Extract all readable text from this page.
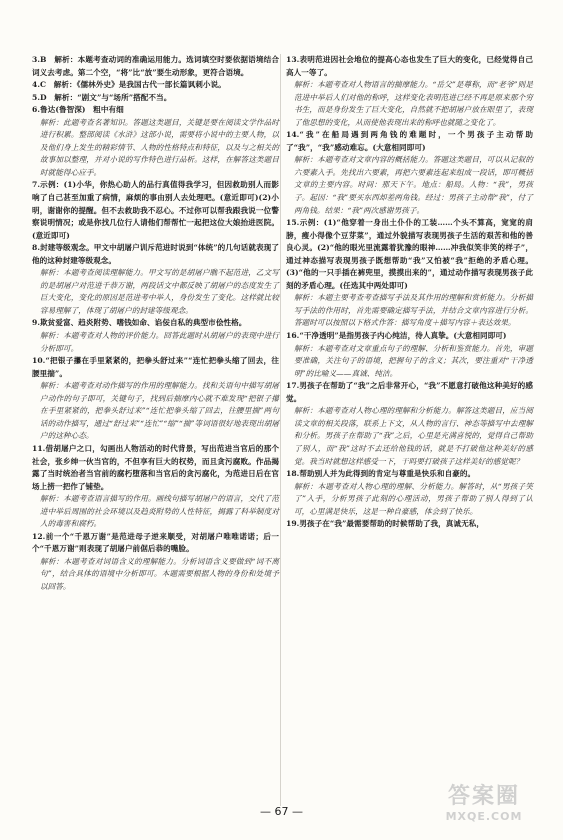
3.B　解析：本题考查动词的准确运用能力。选词填空时要依据语境结合词义去考虑。第二个空，“将”比“放”要生动形象，更符合语境。

4.C　解析：《儒林外史》是我国古代一部长篇讽刺小说。

5.D　解析：“剧文”与“场所”搭配不当。

6.鲁达(鲁智深)　粗中有细

解析：此题考查名著知识。答题这类题目，关键是要在阅读文学作品时进行积累。整部阅读《水浒》这部小说，需要将小说中的主要人物，以及他们身上发生的精彩情节、人物的性格特点和特征，以及与之相关的故事加以整理，并对小说的写作特色进行品析。这样，在解答这类题目时就能得心应手。

7.示例：(1)小华，你热心助人的品行真值得我学习，但因救助别人而影响了自己甚至加重了病情，麻烦的事由别人去处理吧。(意近即可)(2)小明，谢谢你的提醒。但不去救助我不忍心。不过你可以帮我跟我说一位警察说明情况；或是你找几位行人请他们帮帮忙一起把这位大娘抬进医院。(意近即可)

8.封建等级观念。甲文中胡屠户训斥范进时说到“体统”的几句话就表现了他的这种封建等级观念。

解析：本题考查阅读理解能力。甲文写的是胡屠户瞧不起范进，乙文写的是胡屠户对范进千恭万谢，两段话文中都反映了胡屠户的态度发生了巨大变化，变化的原因是范进考中举人，身份发生了变化。这样就比较容易理解了，体现了胡屠户的封建等级观念。

9.欺贫爱富、趋炎附势、嗜钱如命、谄佞自私的典型市侩性格。

解析：本题考查对人物的评价能力。回答此题时从胡屠户的表现中进行分析即可。

10.“把银子攥在手里紧紧的，把拳头舒过来”“连忙把拳头缩了回去，往腰里揣”。

解析：本题考查对动作描写的作用的理解能力。找和关语句中描写胡屠户动作的句子即可，关键句子，找到后揣摩内心就不难发现“把银子攥在手里紧紧的，把拳头舒过来”“连忙把拳头缩了回去，往腰里揣”两句话的动作描写，通过“舒过来”“连忙”“缩”“揣”等词语很好地表现出胡屠户的这种心态。

11.借胡屠户之口，勾画出人物活动的时代背景，写出范进当官后的那个社会，张乡绅一伙当官的，不但享有巨大的权势，而且贪污腐败。作品揭露了当时统治者当官前的腐朽堕落和当官后的贪污腐化，为范进日后在官场上捞一把作了铺垫。

解析：本题考查语言描写的作用。画线句描写胡屠户的语言，交代了范进中举后周围的社会环境以及趋炎附势的人性特征，揭露了科举制度对人的毒害和腐朽。

12.前一个“千恩万谢”是范进母子逆来顺受，对胡屠户唯唯诺诺；后一个“千恩万谢”则表现了胡屠户前倨后恭的嘴脸。

解析：本题考查对词语含义的理解能力。分析词语含义要做到“词不离句”，结合具体的语境中分析即可。本题需要根据人物的身份和处境予以回答。

13.表明范进因社会地位的提高心态也发生了巨大的变化，已经觉得自己高人一等了。

解析：本题考查对人物语言的揣摩能力。“岳父”是尊称，而“老爷”则是范进中举后人们对他的称呼，这样变化表明范进已经不再是原来那个穷书生，而是身份发生了巨大变化，自然就不把胡屠户放在眼里了，表现了他思想的变化，从而使他表现出来的称呼也就随之变化了。

14.“我”在船局遇到两角钱的难题时，一个男孩子主动帮助了“我”，“我”感动难忘。(大意相同即可)

解析：本题考查对文章内容的概括能力。答题这类题目，可以从记叙的六要素入手。先找出六要素，再把六要素连起来组成一段话，即可概括文章的主要内容。时间：那天下午。地点：船局。人物：“我”，男孩子。起因：“我”要买东西却差两角钱。经过：男孩子主动帮“我”，付了两角钱。结果：“我”两次感谢男孩子。

15.示例：(1)“他穿着一身出土仆仆的工装……个头不算高，宽宽的肩膀，瘦小得像个豆芽菜”，通过外貌描写表现男孩子生活的艰苦和他的善良心灵。(2)“他的眼光里流露着犹豫的眼神……冲我似笑非笑的样子”，通过神态描写表现男孩子既想帮助“我”又怕被“我”拒绝的矛盾心理。(3)“他的一只手插在裤兜里，摸摸出来的”，通过动作描写表现男孩子此刻的矛盾心理。(任选其中两处即可)

解析：本题主要考查考查描写手法及其作用的理解和赏析能力。分析描写手法的作用时，首先需要确定描写手法，并结合文章内容进行分析。答题时可以按照以下格式作答：描写角度＋描写内容＋表达效果。

16.“干净透明”是指男孩子内心纯洁，待人真挚。(大意相同即可)

解析：本题考查对文章重点句子的理解、分析和鉴赏能力。首先，审题要准确，关注句子的语境，把握句子的含义；其次，要注重对“干净透明”的比喻义——真诚、纯洁。

17.男孩子在帮助了“我”之后非常开心，“我”不愿意打破他这种美好的感觉。

解析：本题考查对人物心理的理解和分析能力。解答这类题目，应当阅读文章的相关段落，联系上下文，从人物的言行、神态等描写中去理解和分析。男孩子在帮助了“我”之后，心里是充满喜悦的，觉得自己帮助了别人，而“我”这时不去还给他钱的话，就是不打破他这种美好的感觉。我当时就想这样感受一下，干吗要打破孩子这样美好的感觉呢？

18.帮助别人并为此得到的肯定与尊重是快乐和自豪的。

解析：本题考查对人物心理的理解、分析能力。解答时，从“男孩子笑了”入手，分析男孩子此刻的心理活动，男孩子帮助了别人得到了认可，心里满是快乐，这是一种自豪感，体会到了快乐。

19.男孩子在“我”最需要帮助的时候帮助了我，真诚无私，

— 67 —
答案圈
MXQE.COM
